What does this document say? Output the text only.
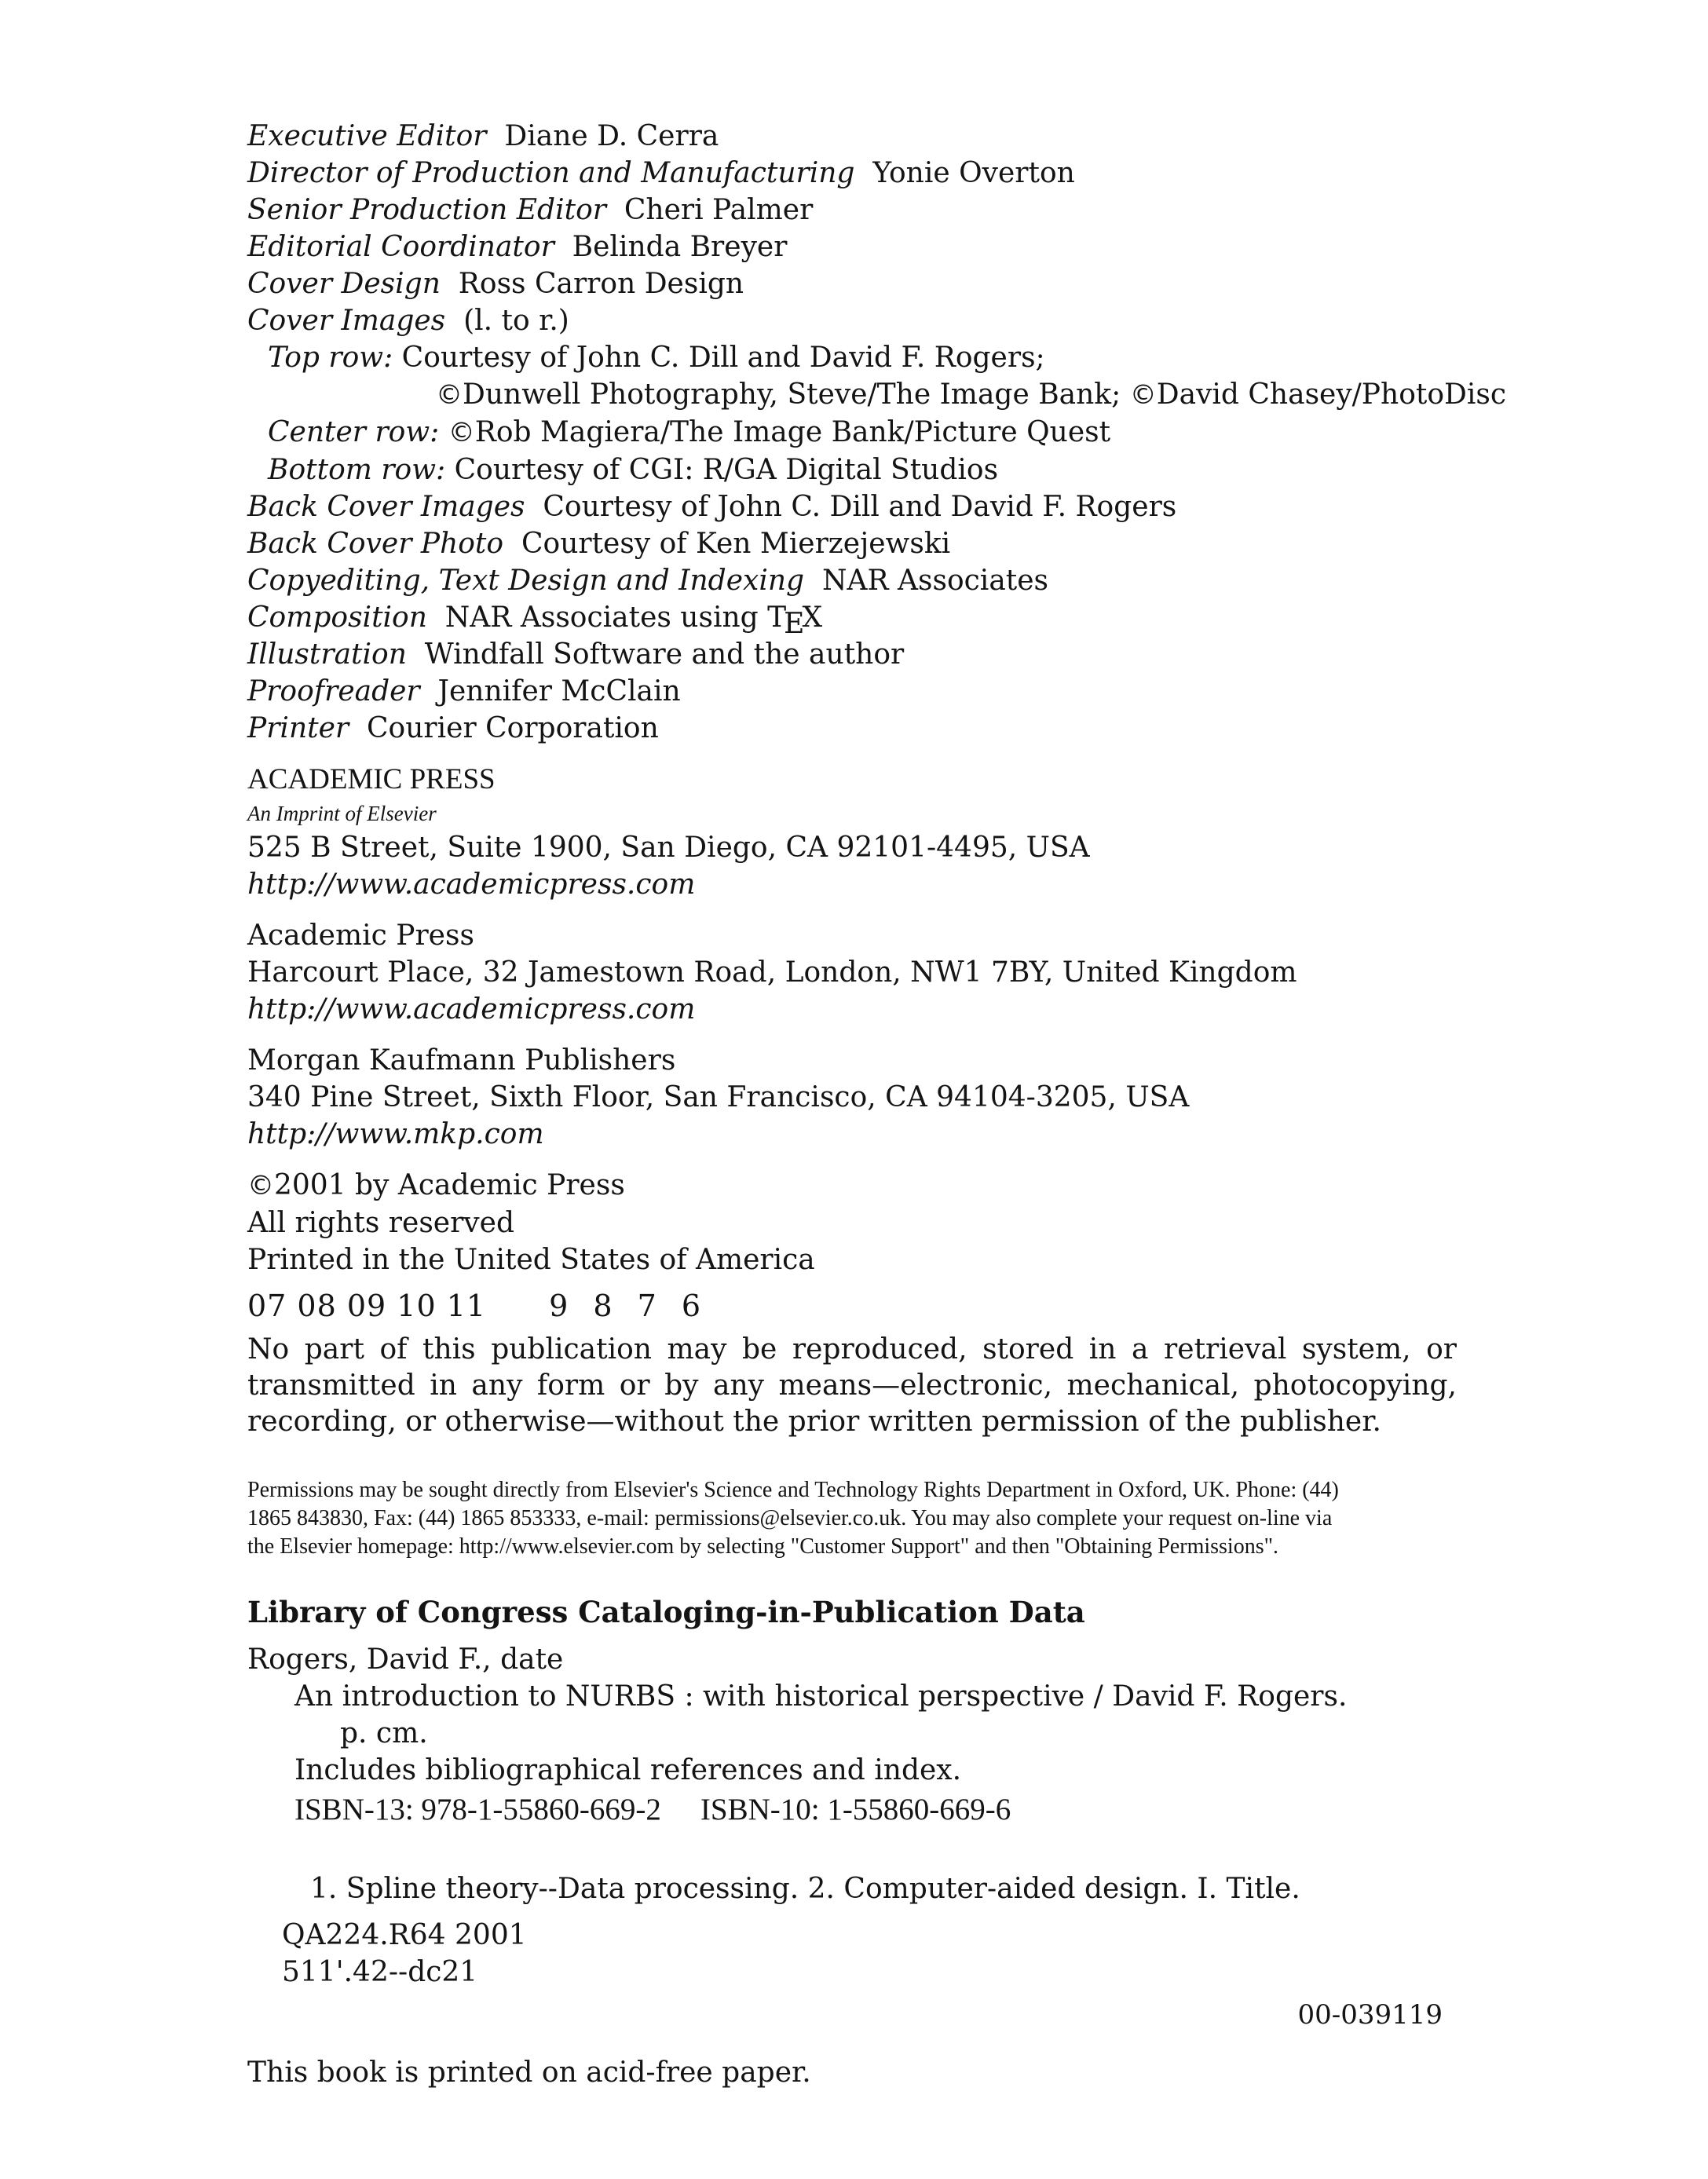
Executive Editor Diane D. Cerra
Director of Production and Manufacturing Yonie Overton
Senior Production Editor Cheri Palmer
Editorial Coordinator Belinda Breyer
Cover Design Ross Carron Design
Cover Images (l. to r.)
Top row: Courtesy of John C. Dill and David F. Rogers;
©Dunwell Photography, Steve/The Image Bank; ©David Chasey/PhotoDisc
Center row: ©Rob Magiera/The Image Bank/Picture Quest
Bottom row: Courtesy of CGI: R/GA Digital Studios
Back Cover Images Courtesy of John C. Dill and David F. Rogers
Back Cover Photo Courtesy of Ken Mierzejewski
Copyediting, Text Design and Indexing NAR Associates
Composition NAR Associates using TEX
Illustration Windfall Software and the author
Proofreader Jennifer McClain
Printer Courier Corporation
ACADEMIC PRESS
An Imprint of Elsevier
525 B Street, Suite 1900, San Diego, CA 92101-4495, USA
http://www.academicpress.com
Academic Press
Harcourt Place, 32 Jamestown Road, London, NW1 7BY, United Kingdom
http://www.academicpress.com
Morgan Kaufmann Publishers
340 Pine Street, Sixth Floor, San Francisco, CA 94104-3205, USA
http://www.mkp.com
©2001 by Academic Press
All rights reserved
Printed in the United States of America
07 08 09 10 11 9 8 7 6
No part of this publication may be reproduced, stored in a retrieval system, or transmitted in any form or by any means—electronic, mechanical, photocopying, recording, or otherwise—without the prior written permission of the publisher.
Permissions may be sought directly from Elsevier's Science and Technology Rights Department in Oxford, UK. Phone: (44) 1865 843830, Fax: (44) 1865 853333, e-mail: permissions@elsevier.co.uk. You may also complete your request on-line via the Elsevier homepage: http://www.elsevier.com by selecting "Customer Support" and then "Obtaining Permissions".
Library of Congress Cataloging-in-Publication Data
Rogers, David F., date
An introduction to NURBS : with historical perspective / David F. Rogers.
p. cm.
Includes bibliographical references and index.
ISBN-13: 978-1-55860-669-2 ISBN-10: 1-55860-669-6
1. Spline theory--Data processing. 2. Computer-aided design. I. Title.
QA224.R64 2001
511'.42--dc21
00-039119
This book is printed on acid-free paper.
